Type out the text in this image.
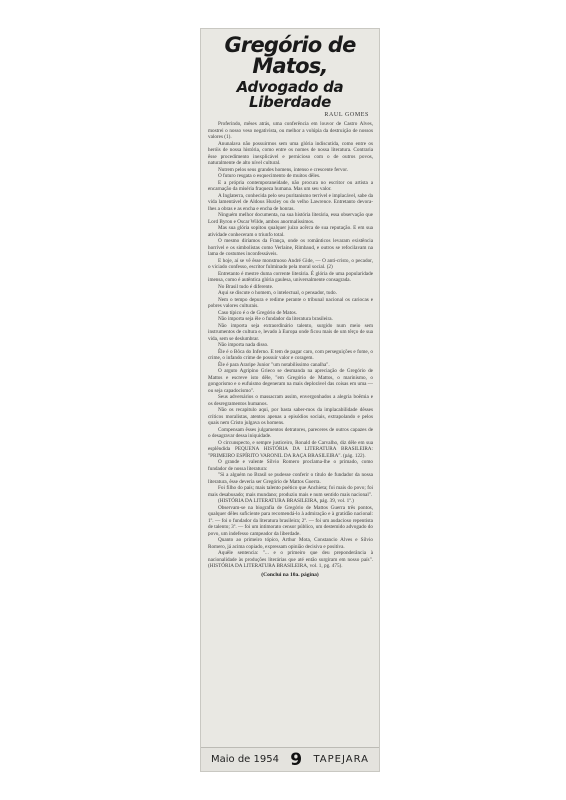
Gregório de Matos,
Advogado da Liberdade
RAUL GOMES

Proferindo, mêses atrás, uma conferência em louvor de Castro Alves, mostrei o nosso veso negativista, ou melhor a volúpia da destruição de nossos valores (1).

Anunalava não possuirmos sem uma glória indiscutida, como entre os heróis de nossa história, como entre os nomes de nossa literatura. Contraria êsse procedimento inexplicável e pernicioso com o de outros povos, naturalmente de alto nível cultural.

Nutrem pelos seus grandes homens, intenso e crescente fervor.

O futuro resgata o esquecimento de muitos dêles.

E a própria contemporaneidade, não procura no escritor ou artista a encarnação da miséria fraqueza humana. Mas um seu valor.

A Inglaterra, conhecida pelo seu puritanismo terrível e implacável, sabe da vida lamentável de Aldous Huxley ou do velho Lawrence. Entretanto devora-lhes a obras e as encha e encha de honras.

Ninguém melhor documenta, na sua história literária, essa observação que Lord Byron e Oscar Wilde, ambos anormalíssimos.

Mas sua glória sopitou qualquer juízo acêrca de sua reputação. E em sua atividade conheceram o triunfo total.

O mesmo diríamos da França, onde os românticos levaram existência horrível e os simbolistas como Verlaine, Rimbaud, e outros se refocilavam na lama de costumes inconfessáveis.

E hoje, aí se vê êsse monstruoso André Gide, — O anti-cristo, o pecador, o viciado confesso, escritor fulminado pela moral social. (2)

Entretanto é mestre duma corrente literária. É glória de uma popularidade imensa, como é autêntica glória gaulesa, universalmente consagrada.

No Brasil tudo é diferente.

Aqui se discute o homem, o intelectual, o pensador, tudo.

Nem o tempo depura e redime perante o tribunal nacional os cariocas e pobres valores culturais.

Caso típico é o de Gregório de Matos.

Não importa seja êle o fundador da literatura brasileira.

Não importa seja extraordinário talento, surgido num meio sem instrumentos de cultura e, levado à Europa onde ficou mais de um têrço de sua vida, sem se deslumbrar.

Não importa nada disso.

Êle é o Bôca do Inferno. E tem de pagar caro, com perseguições e fome, o crime, o infando crime de possuir valor e coragem.

Êle é para Araripe Junior "um notabilíssimo canalha".

O arguto Agripino Grieco se desmanda na apreciação de Gregório de Mattos e escreve isto dêle, "em Gregório de Mattos, o marinismo, o gongorismo e o eufuismo degeneram na mais deplorável das coisas em uma — ou seja capadocismo".

Seus adversários o massacram assim, envergonhados a alegria boêmia e os desregramentos humanos.

Não os recapitulo aqui, por basta saber-mos da implacabilidade dêsses críticos moralistas, atentos apenas a episódios sociais, extrapolando e pelos quais nem Cristo julgava os homens.

Compensam êsses julgamentos detratores, pareceres de outros capazes de o desagravar dessa iniquidade.

O circunspecto, e sempre justiceiro, Ronald de Carvalho, diz dêle em sua esplêndida PEQUENA HISTÓRIA DA LITERATURA BRASILEIRA: "PRIMEIRO ESPÍRITO VARONIL DA RAÇA BRASILEIRA". (pág. 122).

O grande e valente Sílvio Romero proclama-lhe o primado, como fundador de nossa literatura:

"Si a alguém no Brasil se pudesse conferir o título de fundador da nossa literatura, êsse deveria ser Gregório de Mattos Guerra.

Foi filho do país; mais talento poético que Anchieta; foi mais do povo; foi mais desabusado; mais mundano; produziu mais e num sentido mais nacional".

(HISTÓRIA DA LITERATURA BRASILEIRA, pág. 39, vol. 1º.)

Observam-se na biografia de Gregório de Mattos Guerra três pontos, qualquer dêles suficiente para recomendá-lo à admiração e à gratidão nacional: 1º. — foi o fundador da literatura brasileira; 2º. — foi um audacioso repentista de talento; 3º. — foi um intimorato censor público, um destemido advogado do povo, um indefesso campeador da liberdade.

Quanto ao primeiro tópico, Arthur Mota, Constancio Alves e Sílvio Romero, já acima copiado, expressam opinião decisiva e positiva.

Aquêle sentencia: "... e o primeiro que deu preponderância à nacionalidade às produções literárias que até então surgiram em nosso país". (HISTÓRIA DA LITERATURA BRASILEIRA, vol. 1, pg. 475).

(Conclui na 10a. página)
Maio de 1954 9 TAPEJARA
